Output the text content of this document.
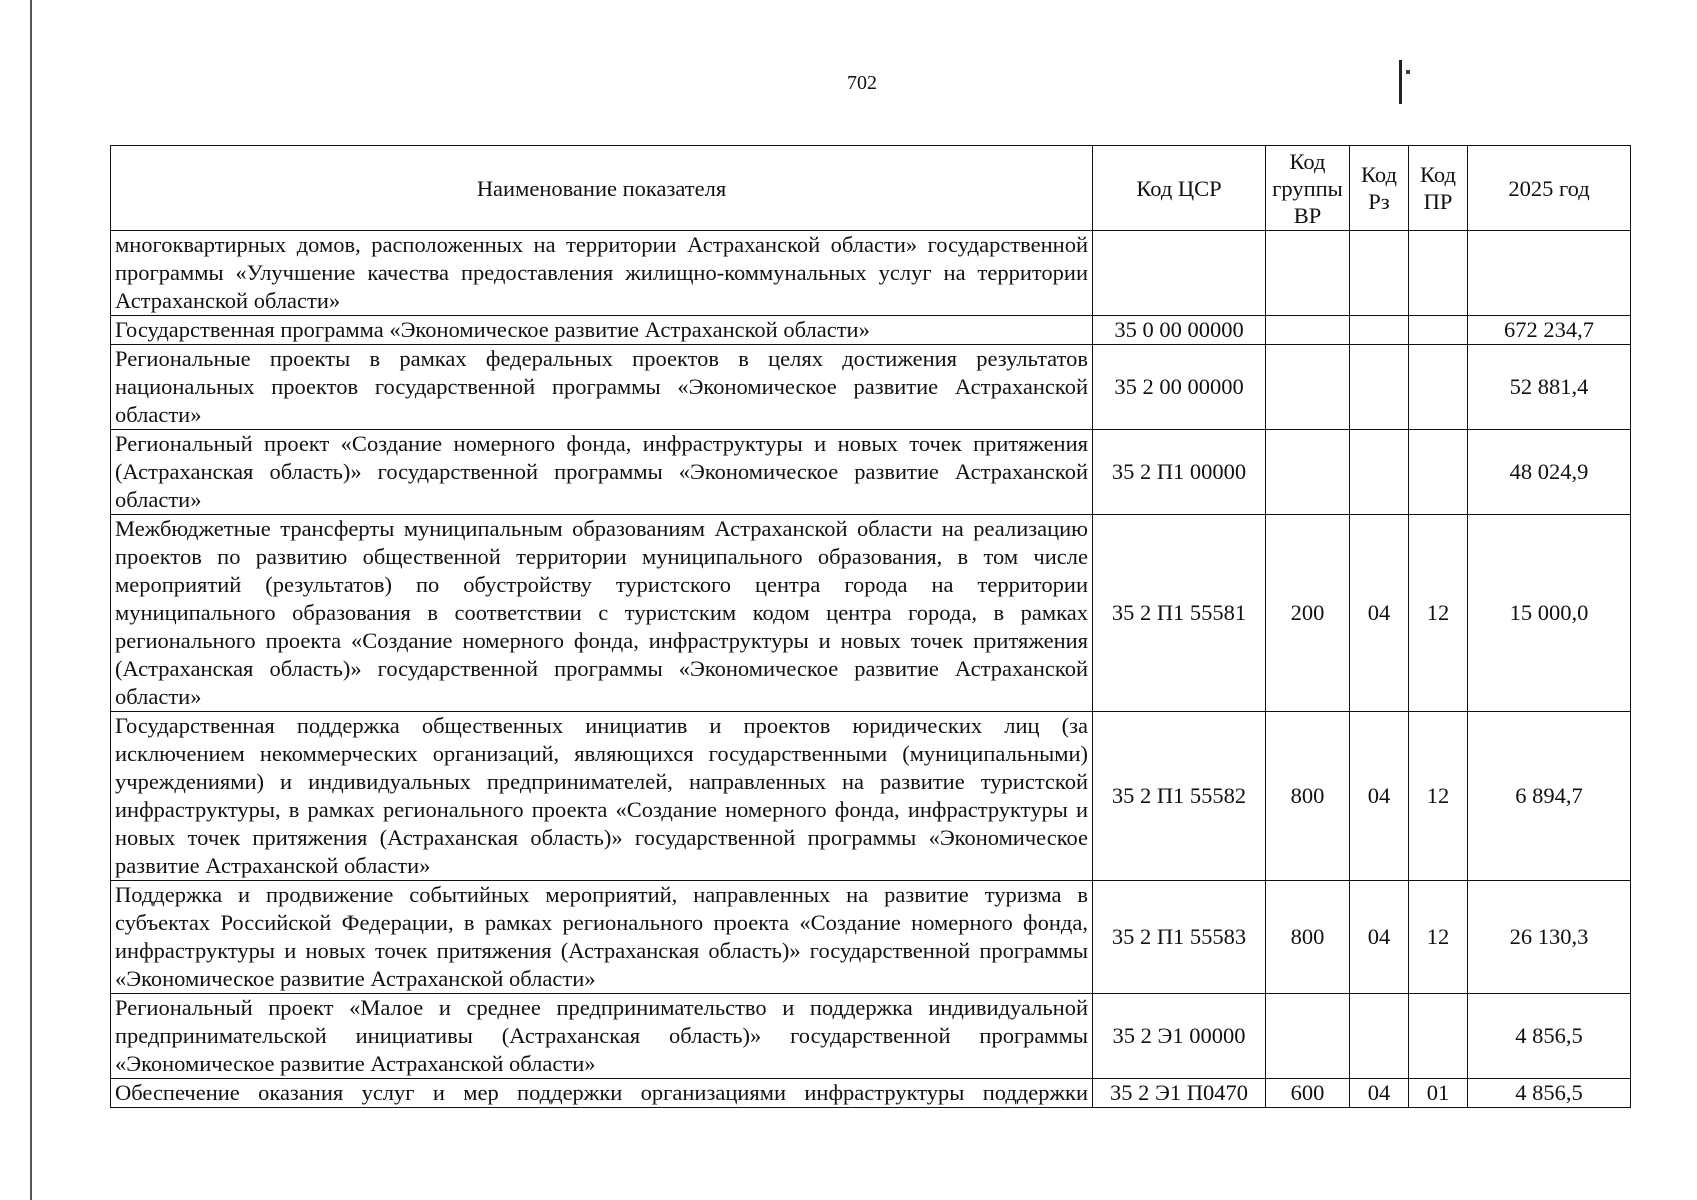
702
Наименование показателя	Код ЦСР	Код группы ВР	Код Рз	Код ПР	2025 год
многоквартирных домов, расположенных на территории Астраханской области» государственной программы «Улучшение качества предоставления жилищно-коммунальных услуг на территории Астраханской области»					
Государственная программа «Экономическое развитие Астраханской области»	35 0 00 00000				672 234,7
Региональные проекты в рамках федеральных проектов в целях достижения результатов национальных проектов государственной программы «Экономическое развитие Астраханской области»	35 2 00 00000				52 881,4
Региональный проект «Создание номерного фонда, инфраструктуры и новых точек притяжения (Астраханская область)» государственной программы «Экономическое развитие Астраханской области»	35 2 П1 00000				48 024,9
Межбюджетные трансферты муниципальным образованиям Астраханской области на реализацию проектов по развитию общественной территории муниципального образования, в том числе мероприятий (результатов) по обустройству туристского центра города на территории муниципального образования в соответствии с туристским кодом центра города, в рамках регионального проекта «Создание номерного фонда, инфраструктуры и новых точек притяжения (Астраханская область)» государственной программы «Экономическое развитие Астраханской области»	35 2 П1 55581	200	04	12	15 000,0
Государственная поддержка общественных инициатив и проектов юридических лиц (за исключением некоммерческих организаций, являющихся государственными (муниципальными) учреждениями) и индивидуальных предпринимателей, направленных на развитие туристской инфраструктуры, в рамках регионального проекта «Создание номерного фонда, инфраструктуры и новых точек притяжения (Астраханская область)» государственной программы «Экономическое развитие Астраханской области»	35 2 П1 55582	800	04	12	6 894,7
Поддержка и продвижение событийных мероприятий, направленных на развитие туризма в субъектах Российской Федерации, в рамках регионального проекта «Создание номерного фонда, инфраструктуры и новых точек притяжения (Астраханская область)» государственной программы «Экономическое развитие Астраханской области»	35 2 П1 55583	800	04	12	26 130,3
Региональный проект «Малое и среднее предпринимательство и поддержка индивидуальной предпринимательской инициативы (Астраханская область)» государственной программы «Экономическое развитие Астраханской области»	35 2 Э1 00000				4 856,5
Обеспечение оказания услуг и мер поддержки организациями инфраструктуры поддержки	35 2 Э1 П0470	600	04	01	4 856,5
